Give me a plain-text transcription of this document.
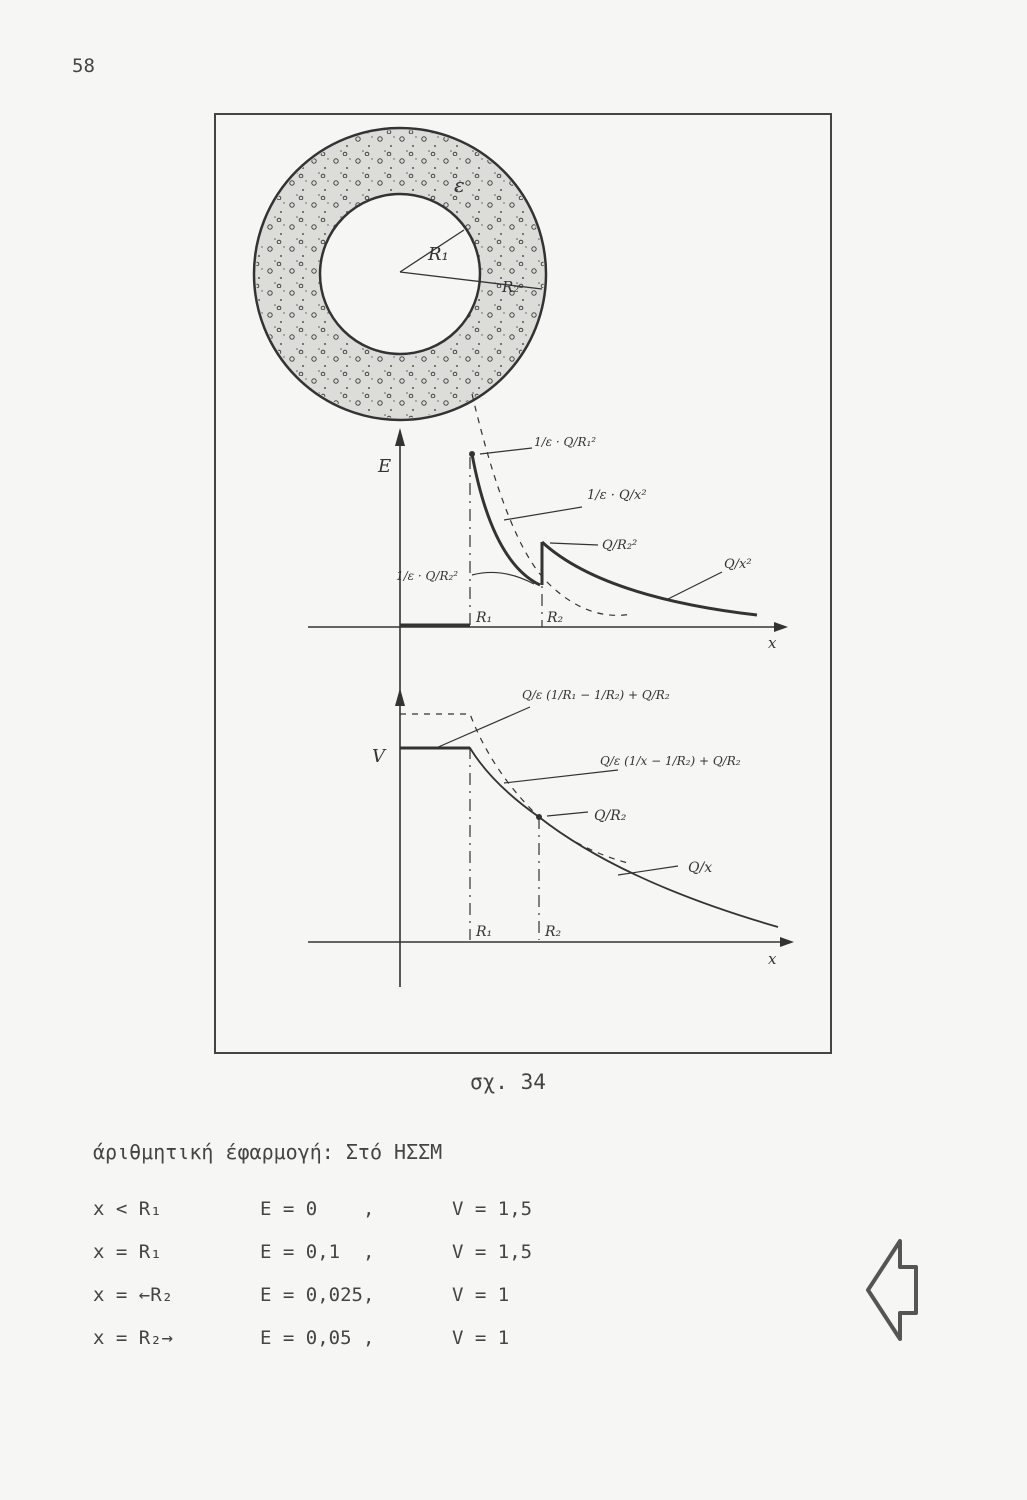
58
R₁
R₂
ε
E
x
R₁	R₂
1/ε · Q/R₁²
1/ε · Q/x²
Q/R₂²
Q/x²
1/ε · Q/R₂²
V
x
R₁	R₂
Q/ε (1/R₁ − 1/R₂) + Q/R₂
Q/ε (1/x − 1/R₂) + Q/R₂
Q/R₂
Q/x
σχ. 34
άριθμητική έφαρμογή: Στό ΗΣΣΜ
x < R₁	E = 0    ,	V = 1,5
x = R₁	E = 0,1  ,	V = 1,5
x = ←R₂	E = 0,025,	V = 1
x = R₂→	E = 0,05 ,	V = 1
